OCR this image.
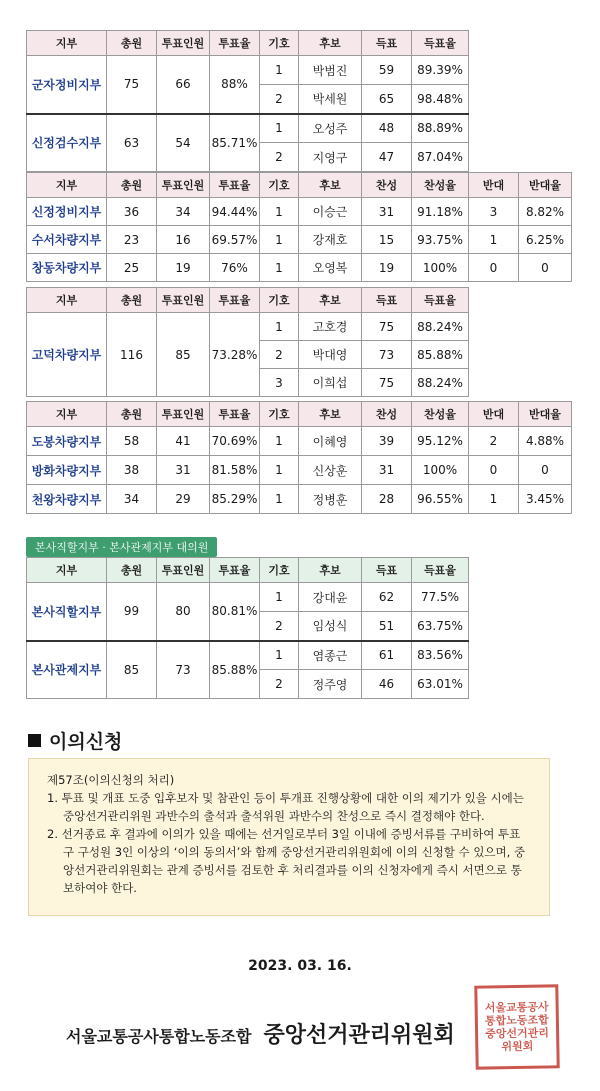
지부	총원	투표인원	투표율	기호	후보	득표	득표율		
군자정비지부	75	66	88%	1	박범진	59	89.39%		
				2	박세원	65	98.48%		
신정검수지부	63	54	85.71%	1	오성주	48	88.89%		
				2	지영구	47	87.04%		
지부	총원	투표인원	투표율	기호	후보	찬성	찬성율	반대	반대율
신정정비지부	36	34	94.44%	1	이승근	31	91.18%	3	8.82%
수서차량지부	23	16	69.57%	1	강재호	15	93.75%	1	6.25%
창동차량지부	25	19	76%	1	오영복	19	100%	0	0
지부	총원	투표인원	투표율	기호	후보	득표	득표율		
고덕차량지부	116	85	73.28%	1	고호경	75	88.24%		
				2	박대영	73	85.88%		
				3	이희섭	75	88.24%		
지부	총원	투표인원	투표율	기호	후보	찬성	찬성율	반대	반대율
도봉차량지부	58	41	70.69%	1	이혜영	39	95.12%	2	4.88%
방화차량지부	38	31	81.58%	1	신상훈	31	100%	0	0
천왕차량지부	34	29	85.29%	1	정병훈	28	96.55%	1	3.45%
본사직할지부 · 본사관제지부 대의원
지부	총원	투표인원	투표율	기호	후보	득표	득표율
본사직할지부	99	80	80.81%	1	강대윤	62	77.5%
				2	임성식	51	63.75%
본사관제지부	85	73	85.88%	1	염종근	61	83.56%
				2	정주영	46	63.01%
이의신청

제57조(이의신청의 처리)

1. 투표 및 개표 도중 입후보자 및 참관인 등이 투개표 진행상황에 대한 이의 제기가 있을 시에는 중앙선거관리위원 과반수의 출석과 출석위원 과반수의 찬성으로 즉시 결정해야 한다.

2. 선거종료 후 결과에 이의가 있을 때에는 선거일로부터 3일 이내에 증빙서류를 구비하여 투표구 구성원 3인 이상의 ‘이의 동의서’와 함께 중앙선거관리위원회에 이의 신청할 수 있으며, 중앙선거관리위원회는 관계 증빙서를 검토한 후 처리결과를 이의 신청자에게 즉시 서면으로 통보하여야 한다.

2023. 03. 16.
서울교통공사통합노동조합 중앙선거관리위원회
서울교통공사통합노동조합중앙선거관리위원회
